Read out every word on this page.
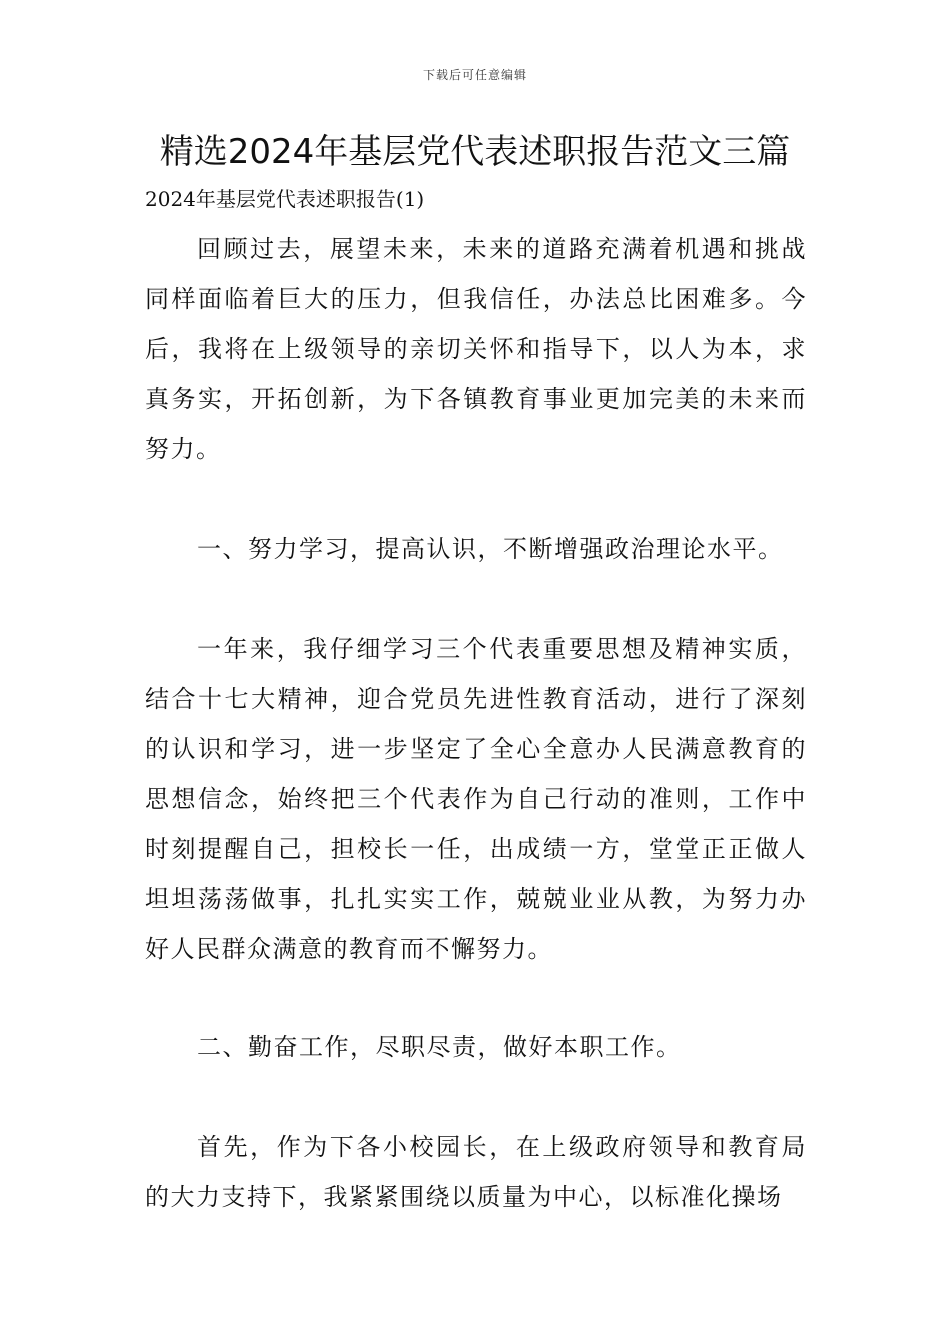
下载后可任意编辑
精选2024年基层党代表述职报告范文三篇
2024年基层党代表述职报告(1)

回顾过去，展望未来，未来的道路充满着机遇和挑战同样面临着巨大的压力，但我信任，办法总比困难多。今后，我将在上级领导的亲切关怀和指导下，以人为本，求真务实，开拓创新，为下各镇教育事业更加完美的未来而努力。

一、努力学习，提高认识，不断增强政治理论水平。

一年来，我仔细学习三个代表重要思想及精神实质，结合十七大精神，迎合党员先进性教育活动，进行了深刻的认识和学习，进一步坚定了全心全意办人民满意教育的思想信念，始终把三个代表作为自己行动的准则，工作中时刻提醒自己，担校长一任，出成绩一方，堂堂正正做人坦坦荡荡做事，扎扎实实工作，兢兢业业从教，为努力办好人民群众满意的教育而不懈努力。

二、勤奋工作，尽职尽责，做好本职工作。

首先，作为下各小校园长，在上级政府领导和教育局的大力支持下，我紧紧围绕以质量为中心，以标准化操场
